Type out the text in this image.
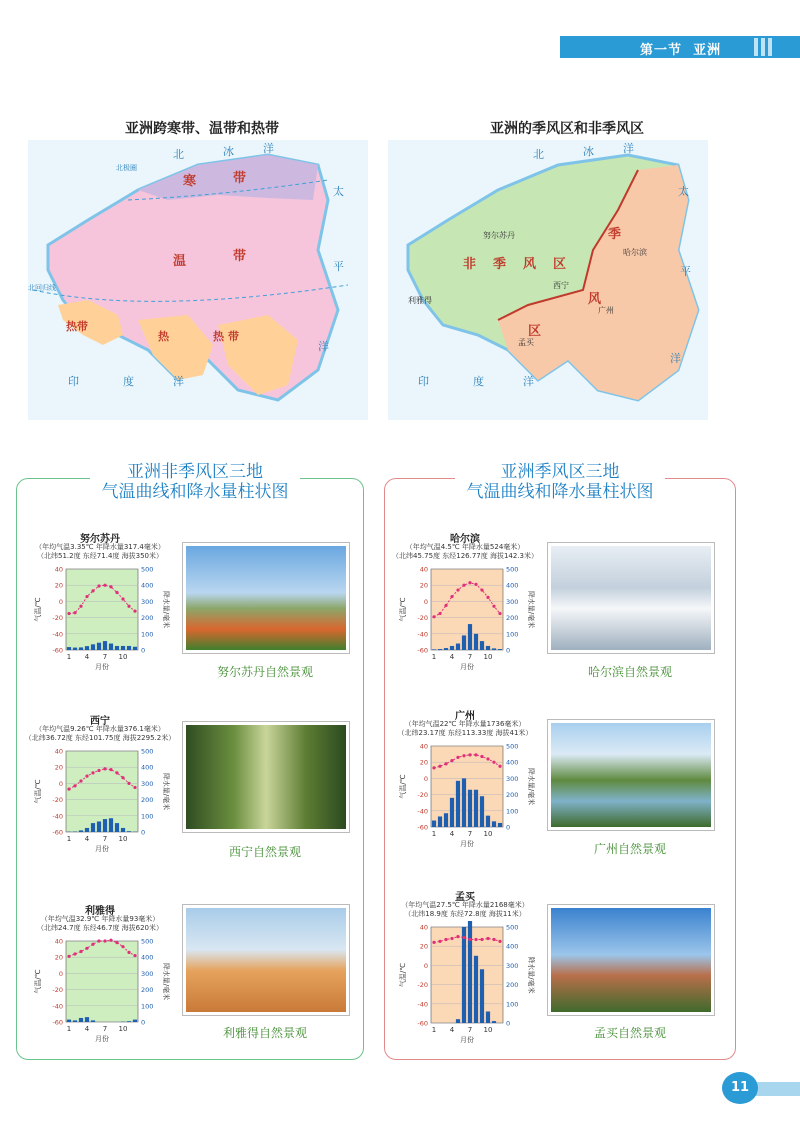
第一节 亚洲
亚洲跨寒带、温带和热带
北	冰	洋
寒	带
温	带
热带
热	热 带
太
平
洋
印	度	洋
北回归线
北极圈
亚洲的季风区和非季风区
北	冰	洋
非 季 风 区
季
风
区
太
平
洋
印	度	洋
努尔苏丹
西宁
利雅得
哈尔滨
广州
孟买
亚洲非季风区三地
气温曲线和降水量柱状图
亚洲季风区三地
气温曲线和降水量柱状图
努尔苏丹
（年均气温3.35℃ 年降水量317.4毫米）
（北纬51.2度 东经71.4度 海拔350米）
40
20
0
-20
-40
-60
500
400
300
200
100
0
1 4 7 10
月份
气温/℃	降水量/毫米
努尔苏丹自然景观
西宁
（年均气温9.26℃ 年降水量376.1毫米）
（北纬36.72度 东经101.75度 海拔2295.2米）
40
20
0
-20
-40
-60
500
400
300
200
100
0
1 4 7 10
月份
气温/℃	降水量/毫米
西宁自然景观
利雅得
（年均气温32.9℃ 年降水量93毫米）
（北纬24.7度 东经46.7度 海拔620米）
40
20
0
-20
-40
-60
500
400
300
200
100
0
1 4 7 10
月份
气温/℃	降水量/毫米
利雅得自然景观
哈尔滨
（年均气温4.5℃ 年降水量524毫米）
（北纬45.75度 东经126.77度 海拔142.3米）
40
20
0
-20
-40
-60
500
400
300
200
100
0
1 4 7 10
月份
气温/℃	降水量/毫米
哈尔滨自然景观
广州
（年均气温22℃ 年降水量1736毫米）
（北纬23.17度 东经113.33度 海拔41米）
40
20
0
-20
-40
-60
500
400
300
200
100
0
1 4 7 10
月份
气温/℃	降水量/毫米
广州自然景观
孟买
（年均气温27.5℃ 年降水量2168毫米）
（北纬18.9度 东经72.8度 海拔11米）
40
20
0
-20
-40
-60
500
400
300
200
100
0
1 4 7 10
月份
气温/℃	降水量/毫米
孟买自然景观
11
